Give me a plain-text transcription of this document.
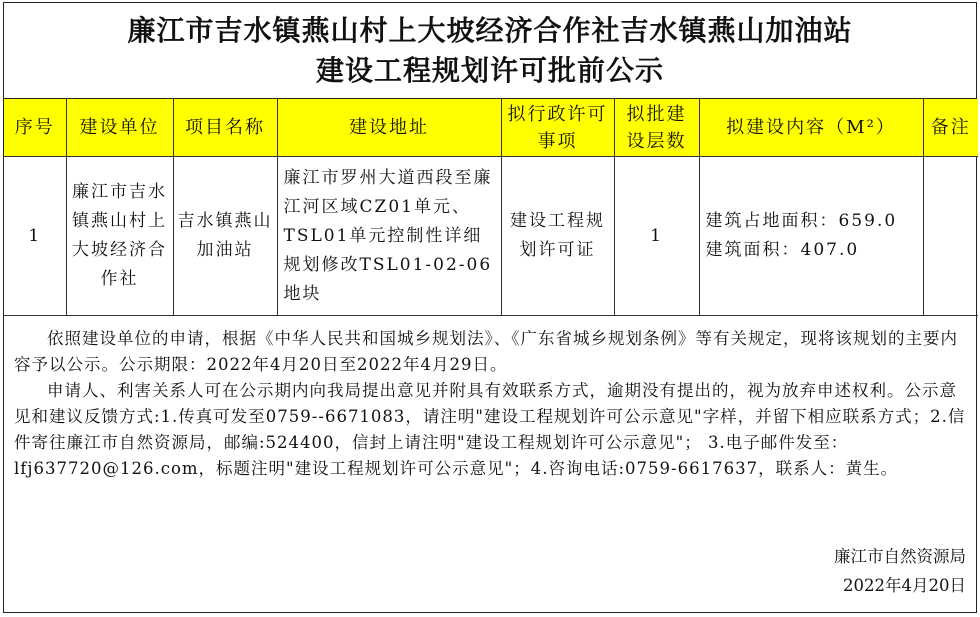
廉江市吉水镇燕山村上大坡经济合作社吉水镇燕山加油站
建设工程规划许可批前公示
序号	建设单位	项目名称	建设地址	拟行政许可事项	拟批建设层数	拟建设内容（M²）	备注
1	廉江市吉水镇燕山村上大坡经济合作社	吉水镇燕山加油站	廉江市罗州大道西段至廉江河区域CZ01单元、TSL01单元控制性详细规划修改TSL01-02-06地块	建设工程规划许可证	1	建筑占地面积：659.0
建筑面积：407.0	

依照建设单位的申请，根据《中华人民共和国城乡规划法》、《广东省城乡规划条例》等有关规定，现将该规划的主要内容予以公示。公示期限：2022年4月20日至2022年4月29日。

申请人、利害关系人可在公示期内向我局提出意见并附具有效联系方式，逾期没有提出的，视为放弃申述权利。公示意见和建议反馈方式:1.传真可发至0759--6671083，请注明"建设工程规划许可公示意见"字样，并留下相应联系方式；2.信件寄往廉江市自然资源局，邮编:524400，信封上请注明"建设工程规划许可公示意见"； 3.电子邮件发至：lfj637720@126.com，标题注明"建设工程规划许可公示意见"；4.咨询电话:0759-6617637，联系人：黄生。

廉江市自然资源局
2022年4月20日
